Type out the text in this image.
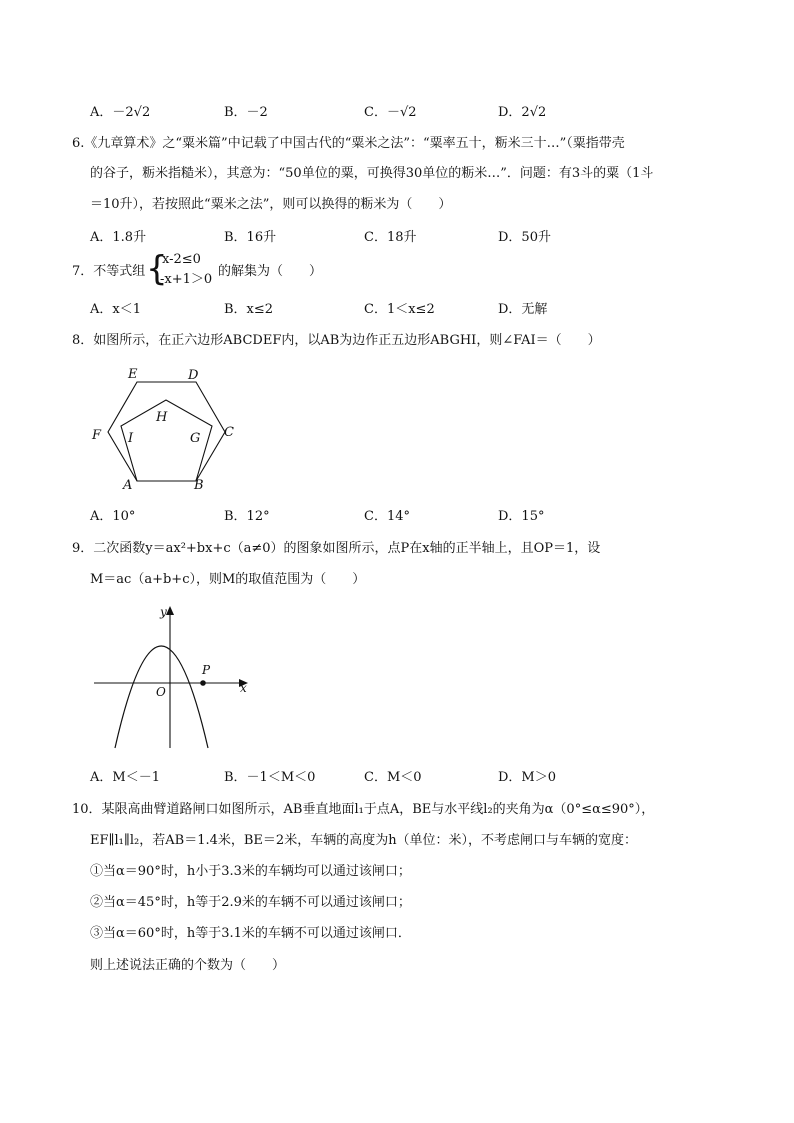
A．－2√2	B．－2	C．－√2	D．2√2
6.《九章算术》之“粟米篇”中记载了中国古代的“粟米之法”：“粟率五十，粝米三十…”（粟指带壳
的谷子，粝米指糙米），其意为：“50单位的粟，可换得30单位的粝米…”．问题：有3斗的粟（1斗
＝10升），若按照此“粟米之法”，则可以换得的粝米为（　　）
A．1.8升	B．16升	C．18升	D．50升
7．不等式组 {
x-2≤0
-x+1＞0
的解集为（　　）
A．x＜1	B．x≤2	C．1＜x≤2	D．无解
8．如图所示，在正六边形ABCDEF内，以AB为边作正五边形ABGHI，则∠FAI＝（　　）
E	D
H
F I	G C
A	B
A．10°	B．12°	C．14°	D．15°
9．二次函数y＝ax²+bx+c（a≠0）的图象如图所示，点P在x轴的正半轴上，且OP＝1，设
M＝ac（a+b+c），则M的取值范围为（　　）
y
x
O
P
A．M＜－1	B．－1＜M＜0	C．M＜0	D．M＞0
10．某限高曲臂道路闸口如图所示，AB垂直地面l₁于点A，BE与水平线l₂的夹角为α（0°≤α≤90°），
EF∥l₁∥l₂，若AB＝1.4米，BE＝2米，车辆的高度为h（单位：米），不考虑闸口与车辆的宽度：
①当α＝90°时，h小于3.3米的车辆均可以通过该闸口；
②当α＝45°时，h等于2.9米的车辆不可以通过该闸口；
③当α＝60°时，h等于3.1米的车辆不可以通过该闸口．
则上述说法正确的个数为（　　）
